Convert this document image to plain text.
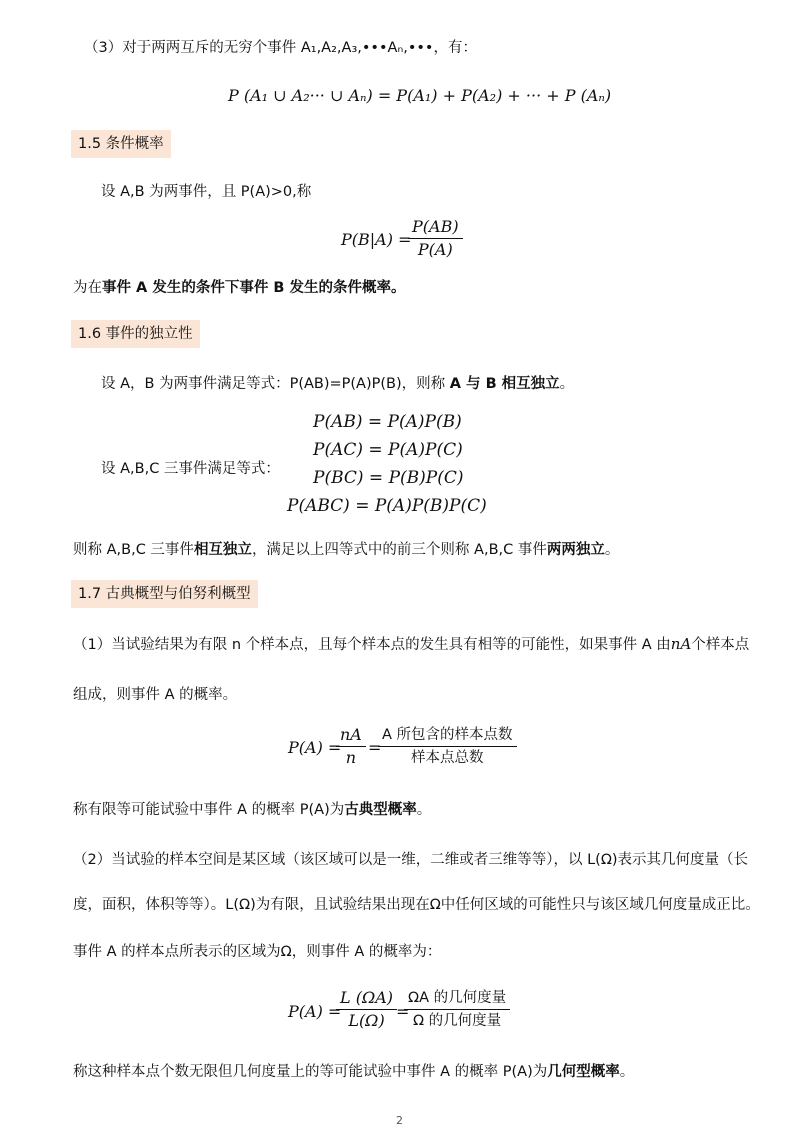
（3）对于两两互斥的无穷个事件 A₁,A₂,A₃,•••Aₙ,•••，有：
P (A₁ ∪ A₂··· ∪ Aₙ) = P(A₁) + P(A₂) + ··· + P (Aₙ)
1.5 条件概率
设 A,B 为两事件，且 P(A)>0,称
P(B|A) =
P(AB)
P(A)
为在事件 A 发生的条件下事件 B 发生的条件概率。
1.6 事件的独立性
设 A，B 为两事件满足等式：P(AB)=P(A)P(B)，则称 A 与 B 相互独立。
P(AB) = P(A)P(B)
P(AC) = P(A)P(C)
P(BC) = P(B)P(C)
P(ABC) = P(A)P(B)P(C)
设 A,B,C 三事件满足等式：
则称 A,B,C 三事件相互独立，满足以上四等式中的前三个则称 A,B,C 事件两两独立。
1.7 古典概型与伯努利概型
（1）当试验结果为有限 n 个样本点，且每个样本点的发生具有相等的可能性，如果事件 A 由nA个样本点
组成，则事件 A 的概率。
P(A) =
nA
n
=
A 所包含的样本点数
样本点总数
称有限等可能试验中事件 A 的概率 P(A)为古典型概率。
（2）当试验的样本空间是某区域（该区域可以是一维，二维或者三维等等），以 L(Ω)表示其几何度量（长
度，面积，体积等等）。L(Ω)为有限，且试验结果出现在Ω中任何区域的可能性只与该区域几何度量成正比。
事件 A 的样本点所表示的区域为Ω，则事件 A 的概率为：
P(A) =
L (ΩA)
L(Ω) =
ΩA 的几何度量
Ω 的几何度量
称这种样本点个数无限但几何度量上的等可能试验中事件 A 的概率 P(A)为几何型概率。
2
